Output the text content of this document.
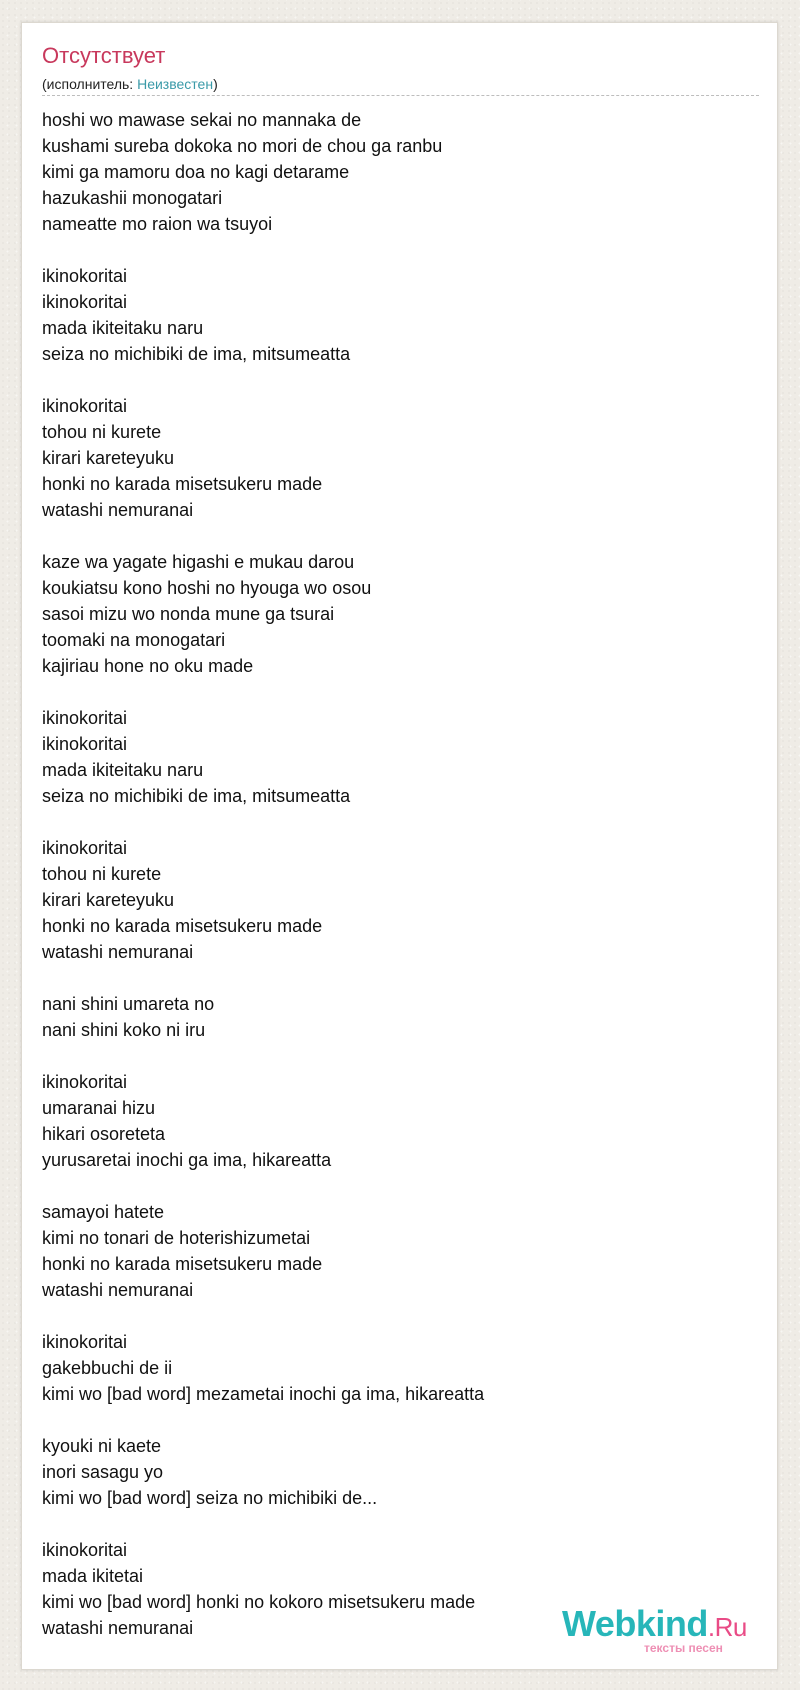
Отсутствует
(исполнитель: Неизвестен)
hoshi wo mawase sekai no mannaka de
kushami sureba dokoka no mori de chou ga ranbu
kimi ga mamoru doa no kagi detarame
hazukashii monogatari
nameatte mo raion wa tsuyoi
ikinokoritai
ikinokoritai
mada ikiteitaku naru
seiza no michibiki de ima, mitsumeatta
ikinokoritai
tohou ni kurete
kirari kareteyuku
honki no karada misetsukeru made
watashi nemuranai
kaze wa yagate higashi e mukau darou
koukiatsu kono hoshi no hyouga wo osou
sasoi mizu wo nonda mune ga tsurai
toomaki na monogatari
kajiriau hone no oku made
ikinokoritai
ikinokoritai
mada ikiteitaku naru
seiza no michibiki de ima, mitsumeatta
ikinokoritai
tohou ni kurete
kirari kareteyuku
honki no karada misetsukeru made
watashi nemuranai
nani shini umareta no
nani shini koko ni iru
ikinokoritai
umaranai hizu
hikari osoreteta
yurusaretai inochi ga ima, hikareatta
samayoi hatete
kimi no tonari de hoterishizumetai
honki no karada misetsukeru made
watashi nemuranai
ikinokoritai
gakebbuchi de ii
kimi wo [bad word] mezametai inochi ga ima, hikareatta
kyouki ni kaete
inori sasagu yo
kimi wo [bad word] seiza no michibiki de...
ikinokoritai
mada ikitetai
kimi wo [bad word] honki no kokoro misetsukeru made
watashi nemuranai	Webkind.Ru
тексты песен
